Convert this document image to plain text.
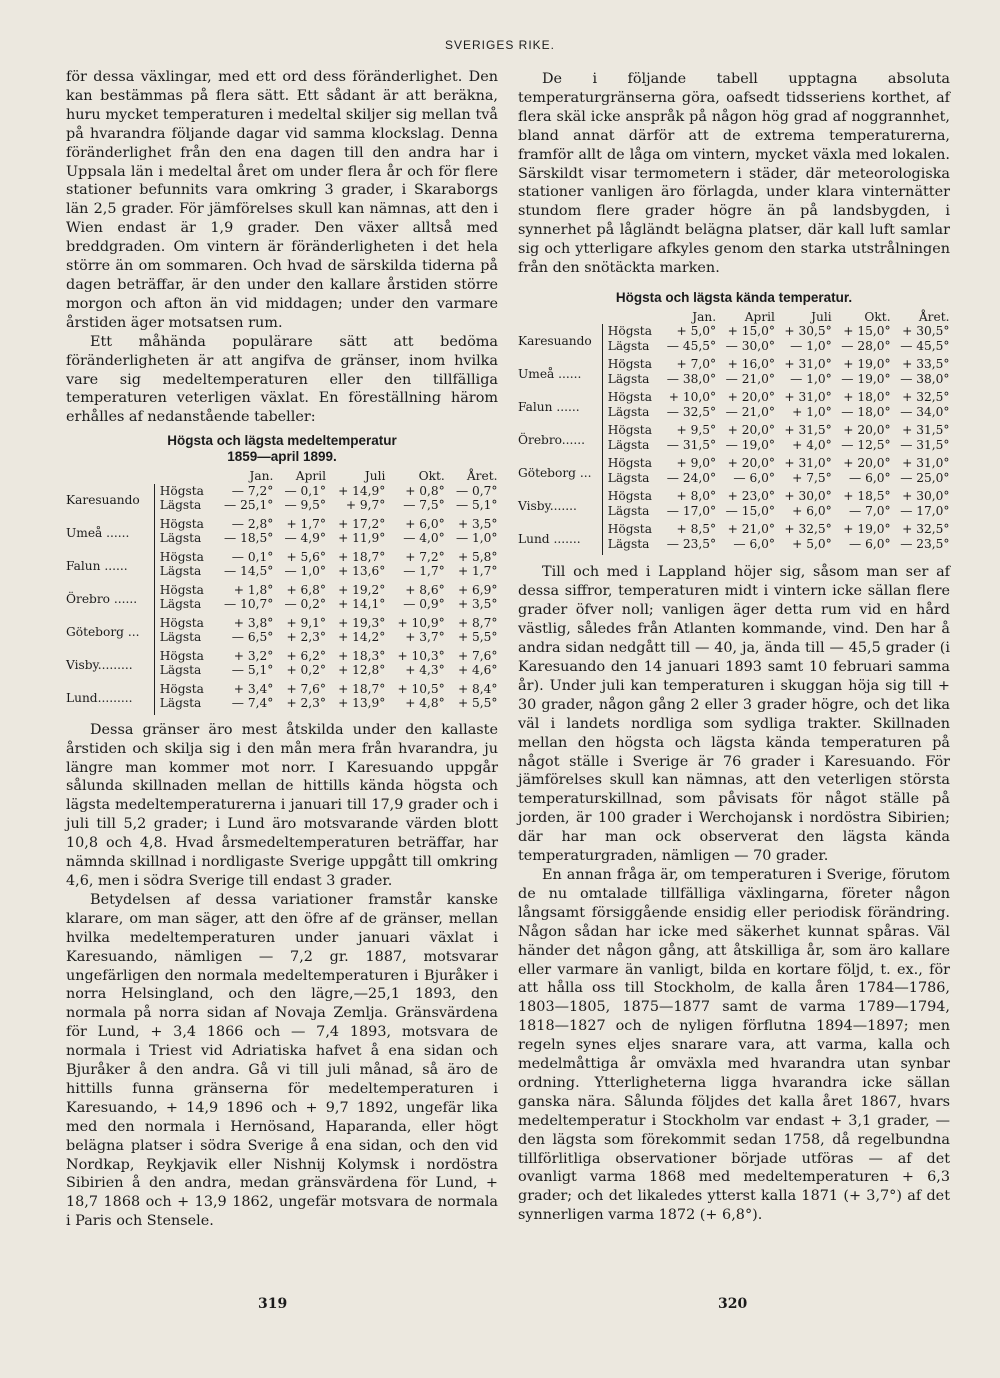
SVERIGES RIKE.

för dessa växlingar, med ett ord dess föränderlighet. Den kan bestämmas på flera sätt. Ett sådant är att beräkna, huru mycket temperaturen i medeltal skiljer sig mellan två på hvarandra följande dagar vid samma klockslag. Denna föränderlighet från den ena dagen till den andra har i Uppsala län i medeltal året om under flera år och för flere stationer befunnits vara omkring 3 grader, i Skaraborgs län 2,5 grader. För jämförelses skull kan nämnas, att den i Wien endast är 1,9 grader. Den växer alltså med breddgraden. Om vintern är föränderligheten i det hela större än om sommaren. Och hvad de särskilda tiderna på dagen beträffar, är den under den kallare årstiden större morgon och afton än vid middagen; under den varmare årstiden äger motsatsen rum.

Ett måhända populärare sätt att bedöma föränderligheten är att angifva de gränser, inom hvilka vare sig medeltemperaturen eller den tillfälliga temperaturen veterligen växlat. En föreställning härom erhålles af nedanstående tabeller:

Högsta och lägsta medeltemperatur
1859—april 1899.
		Jan.	April	Juli	Okt.	Året.
Karesuando	Högsta	— 7,2°	— 0,1°	+ 14,9°	+ 0,8°	— 0,7°
	Lägsta	— 25,1°	— 9,5°	+ 9,7°	— 7,5°	— 5,1°
Umeå ......	Högsta	— 2,8°	+ 1,7°	+ 17,2°	+ 6,0°	+ 3,5°
	Lägsta	— 18,5°	— 4,9°	+ 11,9°	— 4,0°	— 1,0°
Falun ......	Högsta	— 0,1°	+ 5,6°	+ 18,7°	+ 7,2°	+ 5,8°
	Lägsta	— 14,5°	— 1,0°	+ 13,6°	— 1,7°	+ 1,7°
Örebro ......	Högsta	+ 1,8°	+ 6,8°	+ 19,2°	+ 8,6°	+ 6,9°
	Lägsta	— 10,7°	— 0,2°	+ 14,1°	— 0,9°	+ 3,5°
Göteborg ...	Högsta	+ 3,8°	+ 9,1°	+ 19,3°	+ 10,9°	+ 8,7°
	Lägsta	— 6,5°	+ 2,3°	+ 14,2°	+ 3,7°	+ 5,5°
Visby.........	Högsta	+ 3,2°	+ 6,2°	+ 18,3°	+ 10,3°	+ 7,6°
	Lägsta	— 5,1°	+ 0,2°	+ 12,8°	+ 4,3°	+ 4,6°
Lund.........	Högsta	+ 3,4°	+ 7,6°	+ 18,7°	+ 10,5°	+ 8,4°
	Lägsta	— 7,4°	+ 2,3°	+ 13,9°	+ 4,8°	+ 5,5°

Dessa gränser äro mest åtskilda under den kallaste årstiden och skilja sig i den mån mera från hvarandra, ju längre man kommer mot norr. I Karesuando uppgår sålunda skillnaden mellan de hittills kända högsta och lägsta medeltemperaturerna i januari till 17,9 grader och i juli till 5,2 grader; i Lund äro motsvarande värden blott 10,8 och 4,8. Hvad årsmedeltemperaturen beträffar, har nämnda skillnad i nordligaste Sverige uppgått till omkring 4,6, men i södra Sverige till endast 3 grader.

Betydelsen af dessa variationer framstår kanske klarare, om man säger, att den öfre af de gränser, mellan hvilka medeltemperaturen under januari växlat i Karesuando, nämligen — 7,2 gr. 1887, motsvarar ungefärligen den normala medeltemperaturen i Bjuråker i norra Helsingland, och den lägre,—25,1 1893, den normala på norra sidan af Novaja Zemlja. Gränsvärdena för Lund, + 3,4 1866 och — 7,4 1893, motsvara de normala i Triest vid Adriatiska hafvet å ena sidan och Bjuråker å den andra. Gå vi till juli månad, så äro de hittills funna gränserna för medeltemperaturen i Karesuando, + 14,9 1896 och + 9,7 1892, ungefär lika med den normala i Hernösand, Haparanda, eller högt belägna platser i södra Sverige å ena sidan, och den vid Nordkap, Reykjavik eller Nishnij Kolymsk i nordöstra Sibirien å den andra, medan gränsvärdena för Lund, + 18,7 1868 och + 13,9 1862, ungefär motsvara de normala i Paris och Stensele.

De i följande tabell upptagna absoluta temperaturgränserna göra, oafsedt tidsseriens korthet, af flera skäl icke anspråk på någon hög grad af noggrannhet, bland annat därför att de extrema temperaturerna, framför allt de låga om vintern, mycket växla med lokalen. Särskildt visar termometern i städer, där meteorologiska stationer vanligen äro förlagda, under klara vinternätter stundom flere grader högre än på landsbygden, i synnerhet på lågländt belägna platser, där kall luft samlar sig och ytterligare afkyles genom den starka utstrålningen från den snötäckta marken.

Högsta och lägsta kända temperatur.
		Jan.	April	Juli	Okt.	Året.
Karesuando	Högsta	+ 5,0°	+ 15,0°	+ 30,5°	+ 15,0°	+ 30,5°
	Lägsta	— 45,5°	— 30,0°	— 1,0°	— 28,0°	— 45,5°
Umeå ......	Högsta	+ 7,0°	+ 16,0°	+ 31,0°	+ 19,0°	+ 33,5°
	Lägsta	— 38,0°	— 21,0°	— 1,0°	— 19,0°	— 38,0°
Falun ......	Högsta	+ 10,0°	+ 20,0°	+ 31,0°	+ 18,0°	+ 32,5°
	Lägsta	— 32,5°	— 21,0°	+ 1,0°	— 18,0°	— 34,0°
Örebro......	Högsta	+ 9,5°	+ 20,0°	+ 31,5°	+ 20,0°	+ 31,5°
	Lägsta	— 31,5°	— 19,0°	+ 4,0°	— 12,5°	— 31,5°
Göteborg ...	Högsta	+ 9,0°	+ 20,0°	+ 31,0°	+ 20,0°	+ 31,0°
	Lägsta	— 24,0°	— 6,0°	+ 7,5°	— 6,0°	— 25,0°
Visby.......	Högsta	+ 8,0°	+ 23,0°	+ 30,0°	+ 18,5°	+ 30,0°
	Lägsta	— 17,0°	— 15,0°	+ 6,0°	— 7,0°	— 17,0°
Lund .......	Högsta	+ 8,5°	+ 21,0°	+ 32,5°	+ 19,0°	+ 32,5°
	Lägsta	— 23,5°	— 6,0°	+ 5,0°	— 6,0°	— 23,5°

Till och med i Lappland höjer sig, såsom man ser af dessa siffror, temperaturen midt i vintern icke sällan flere grader öfver noll; vanligen äger detta rum vid en hård västlig, således från Atlanten kommande, vind. Den har å andra sidan nedgått till — 40, ja, ända till — 45,5 grader (i Karesuando den 14 januari 1893 samt 10 februari samma år). Under juli kan temperaturen i skuggan höja sig till + 30 grader, någon gång 2 eller 3 grader högre, och det lika väl i landets nordliga som sydliga trakter. Skillnaden mellan den högsta och lägsta kända temperaturen på något ställe i Sverige är 76 grader i Karesuando. För jämförelses skull kan nämnas, att den veterligen största temperaturskillnad, som påvisats för något ställe på jorden, är 100 grader i Werchojansk i nordöstra Sibirien; där har man ock observerat den lägsta kända temperaturgraden, nämligen — 70 grader.

En annan fråga är, om temperaturen i Sverige, förutom de nu omtalade tillfälliga växlingarna, företer någon långsamt försiggående ensidig eller periodisk förändring. Någon sådan har icke med säkerhet kunnat spåras. Väl händer det någon gång, att åtskilliga år, som äro kallare eller varmare än vanligt, bilda en kortare följd, t. ex., för att hålla oss till Stockholm, de kalla åren 1784—1786, 1803—1805, 1875—1877 samt de varma 1789—1794, 1818—1827 och de nyligen förflutna 1894—1897; men regeln synes eljes snarare vara, att varma, kalla och medelmåttiga år omväxla med hvarandra utan synbar ordning. Ytterligheterna ligga hvarandra icke sällan ganska nära. Sålunda följdes det kalla året 1867, hvars medeltemperatur i Stockholm var endast + 3,1 grader, — den lägsta som förekommit sedan 1758, då regelbundna tillförlitliga observationer började utföras — af det ovanligt varma 1868 med medeltemperaturen + 6,3 grader; och det likaledes ytterst kalla 1871 (+ 3,7°) af det synnerligen varma 1872 (+ 6,8°).

319	320
